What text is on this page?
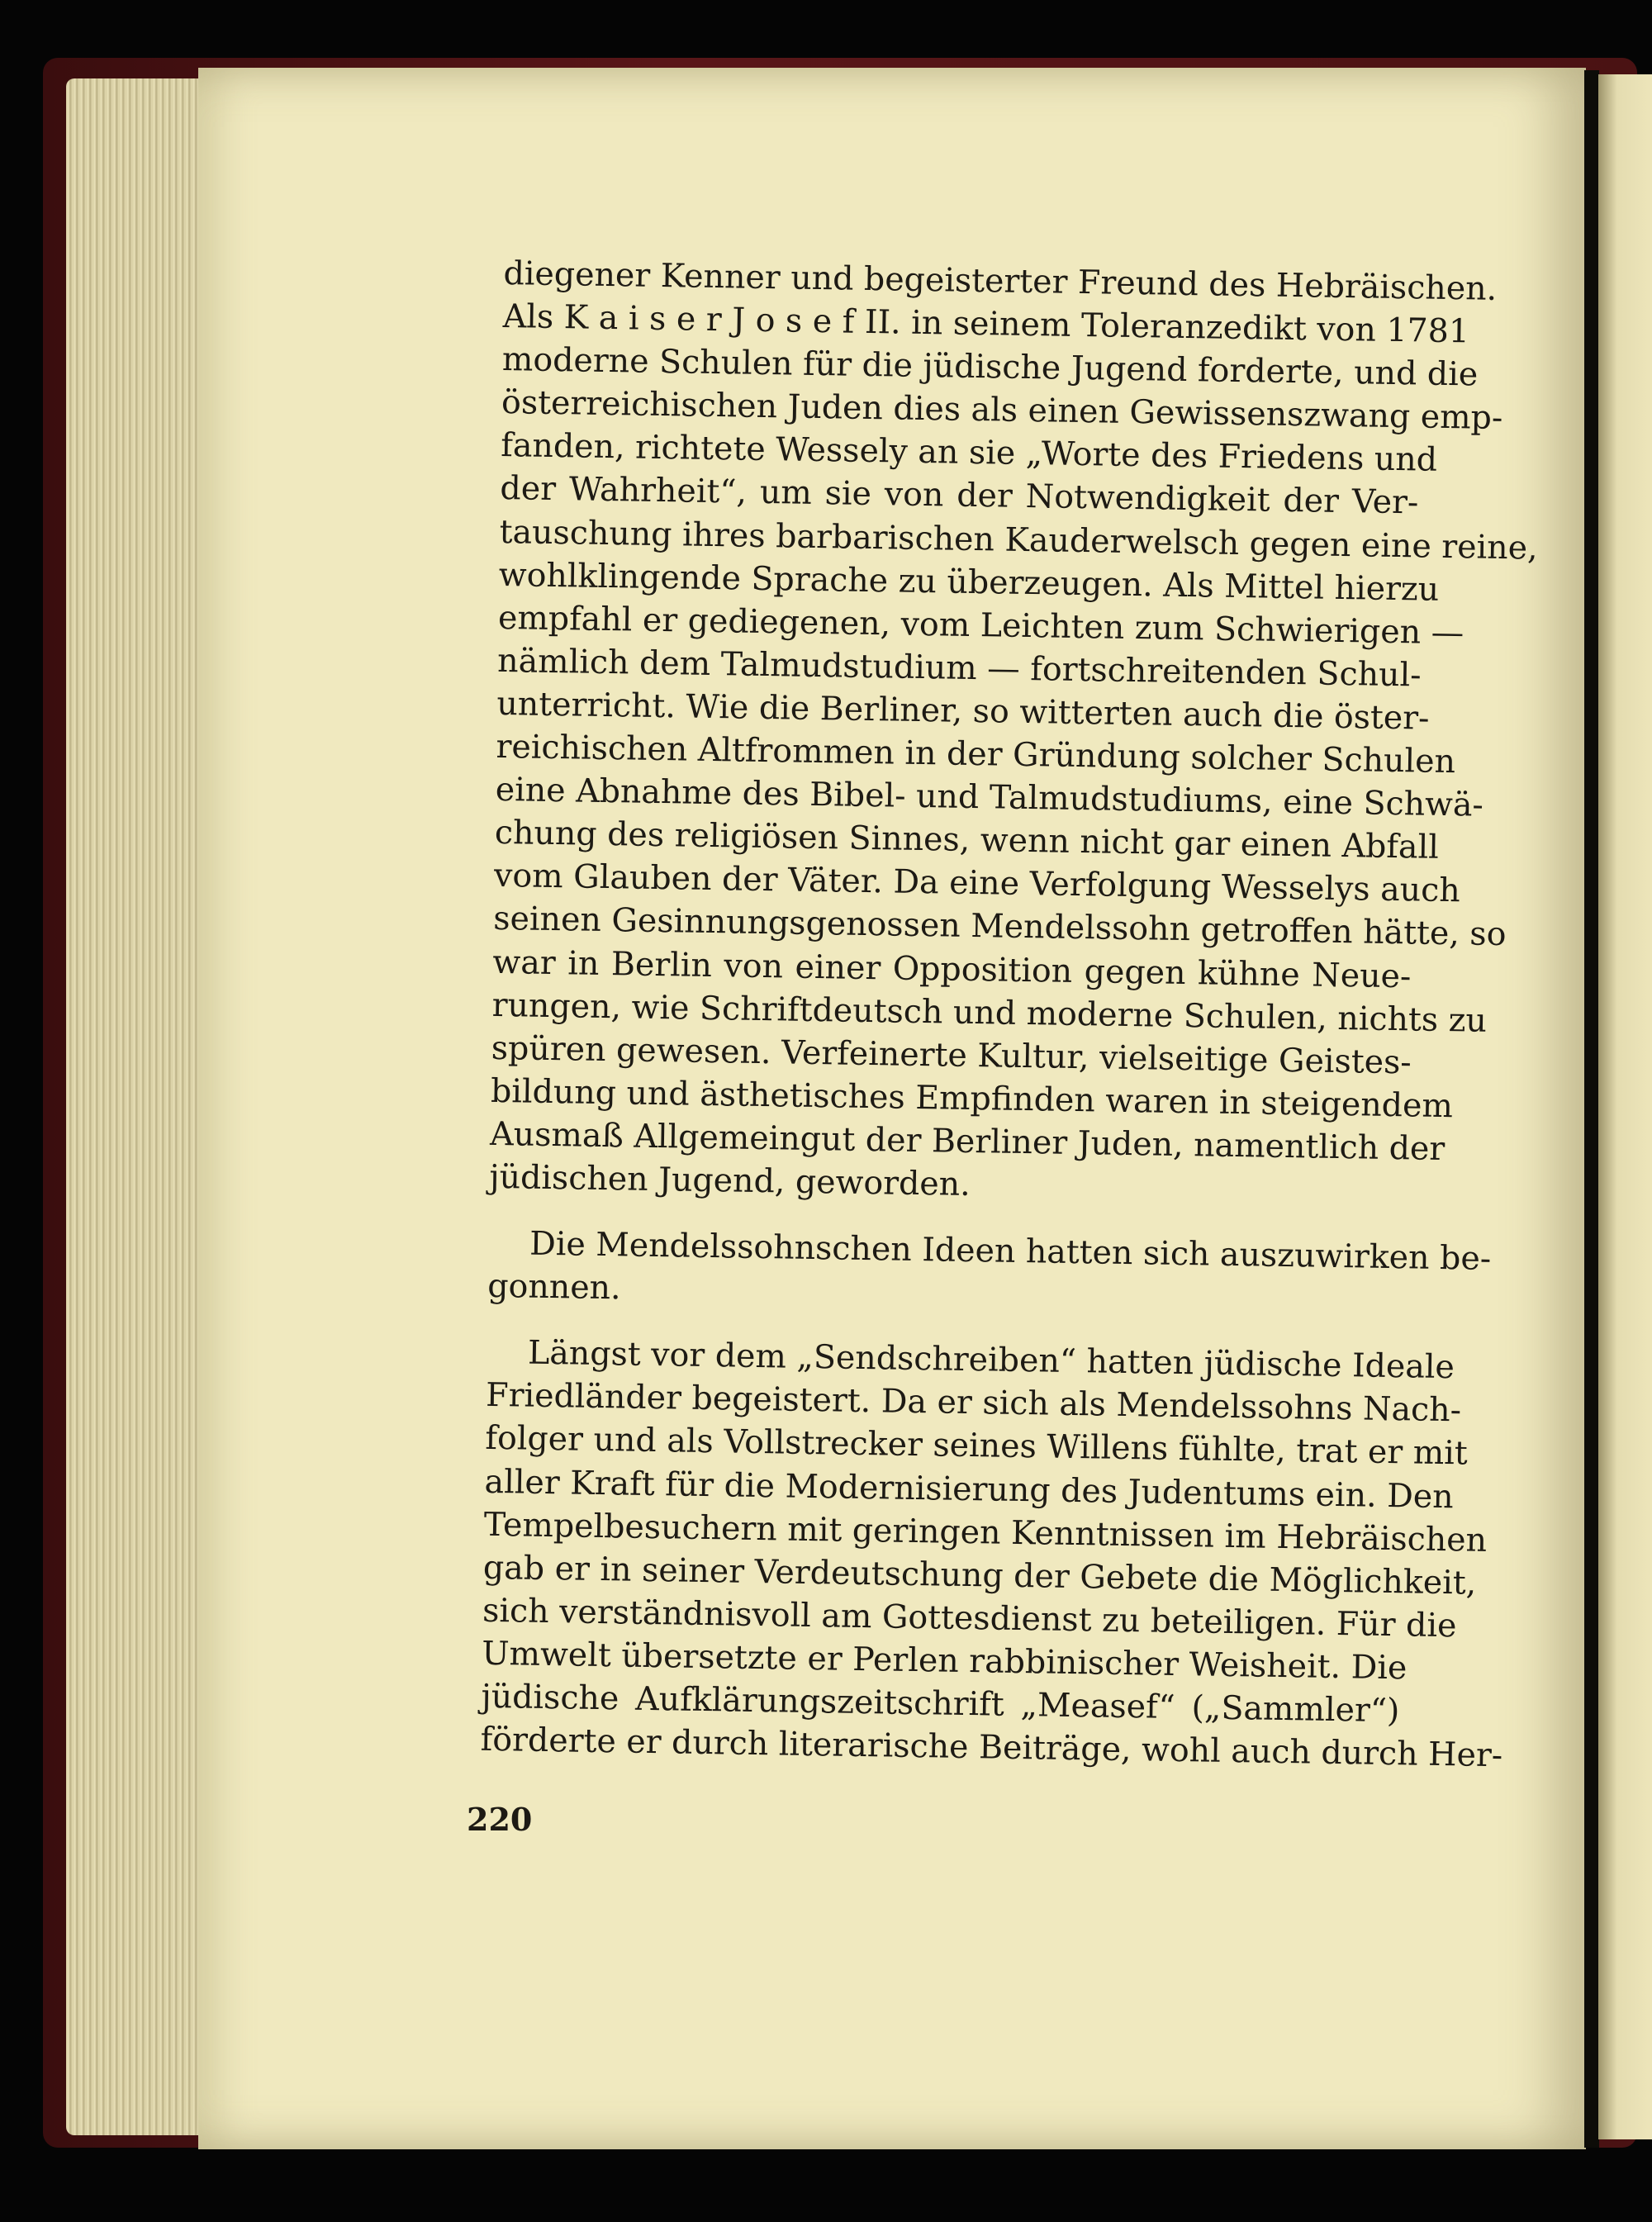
diegener Kenner und begeisterter Freund des Hebräischen.
Als K a i s e r J o s e f II. in seinem Toleranzedikt von 1781
moderne Schulen für die jüdische Jugend forderte, und die
österreichischen Juden dies als einen Gewissenszwang emp-
fanden, richtete Wessely an sie „Worte des Friedens und
der Wahrheit“, um sie von der Notwendigkeit der Ver-
tauschung ihres barbarischen Kauderwelsch gegen eine reine,
wohlklingende Sprache zu überzeugen. Als Mittel hierzu
empfahl er gediegenen, vom Leichten zum Schwierigen —
nämlich dem Talmudstudium — fortschreitenden Schul-
unterricht. Wie die Berliner, so witterten auch die öster-
reichischen Altfrommen in der Gründung solcher Schulen
eine Abnahme des Bibel- und Talmudstudiums, eine Schwä-
chung des religiösen Sinnes, wenn nicht gar einen Abfall
vom Glauben der Väter. Da eine Verfolgung Wesselys auch
seinen Gesinnungsgenossen Mendelssohn getroffen hätte, so
war in Berlin von einer Opposition gegen kühne Neue-
rungen, wie Schriftdeutsch und moderne Schulen, nichts zu
spüren gewesen. Verfeinerte Kultur, vielseitige Geistes-
bildung und ästhetisches Empfinden waren in steigendem
Ausmaß Allgemeingut der Berliner Juden, namentlich der
jüdischen Jugend, geworden.
Die Mendelssohnschen Ideen hatten sich auszuwirken be-
gonnen.
Längst vor dem „Sendschreiben“ hatten jüdische Ideale
Friedländer begeistert. Da er sich als Mendelssohns Nach-
folger und als Vollstrecker seines Willens fühlte, trat er mit
aller Kraft für die Modernisierung des Judentums ein. Den
Tempelbesuchern mit geringen Kenntnissen im Hebräischen
gab er in seiner Verdeutschung der Gebete die Möglichkeit,
sich verständnisvoll am Gottesdienst zu beteiligen. Für die
Umwelt übersetzte er Perlen rabbinischer Weisheit. Die
jüdische Aufklärungszeitschrift „Measef“ („Sammler“)
förderte er durch literarische Beiträge, wohl auch durch Her-
220
